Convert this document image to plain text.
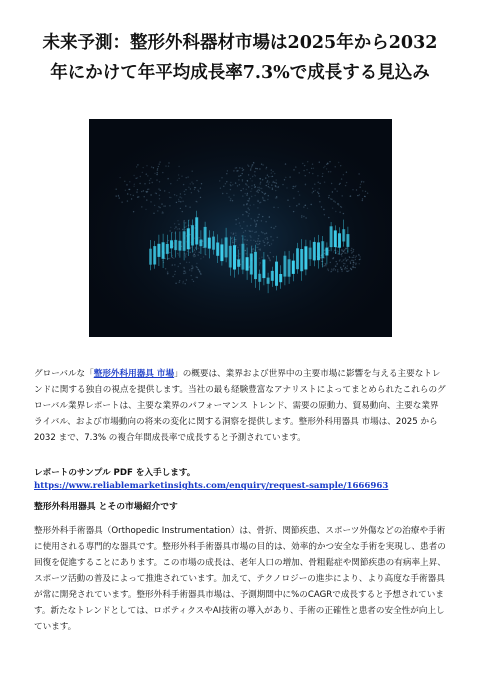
未来予測：整形外科器材市場は2025年から2032
年にかけて年平均成長率7.3%で成長する見込み

グローバルな「整形外科用器具 市場」の概要は、業界および世界中の主要市場に影響を与える主要なトレンドに関する独自の視点を提供します。当社の最も経験豊富なアナリストによってまとめられたこれらのグローバル業界レポートは、主要な業界のパフォーマンス トレンド、需要の原動力、貿易動向、主要な業界ライバル、および市場動向の将来の変化に関する洞察を提供します。整形外科用器具 市場は、2025 から 2032 まで、7.3% の複合年間成長率で成長すると予測されています。

レポートのサンプル PDF を入手します。
https://www.reliablemarketinsights.com/enquiry/request-sample/1666963
整形外科用器具 とその市場紹介です

整形外科手術器具（Orthopedic Instrumentation）は、骨折、関節疾患、スポーツ外傷などの治療や手術に使用される専門的な器具です。整形外科手術器具市場の目的は、効率的かつ安全な手術を実現し、患者の回復を促進することにあります。この市場の成長は、老年人口の増加、骨粗鬆症や関節疾患の有病率上昇、スポーツ活動の普及によって推進されています。加えて、テクノロジーの進歩により、より高度な手術器具が常に開発されています。整形外科手術器具市場は、予測期間中に%のCAGRで成長すると予想されています。新たなトレンドとしては、ロボティクスやAI技術の導入があり、手術の正確性と患者の安全性が向上しています。
